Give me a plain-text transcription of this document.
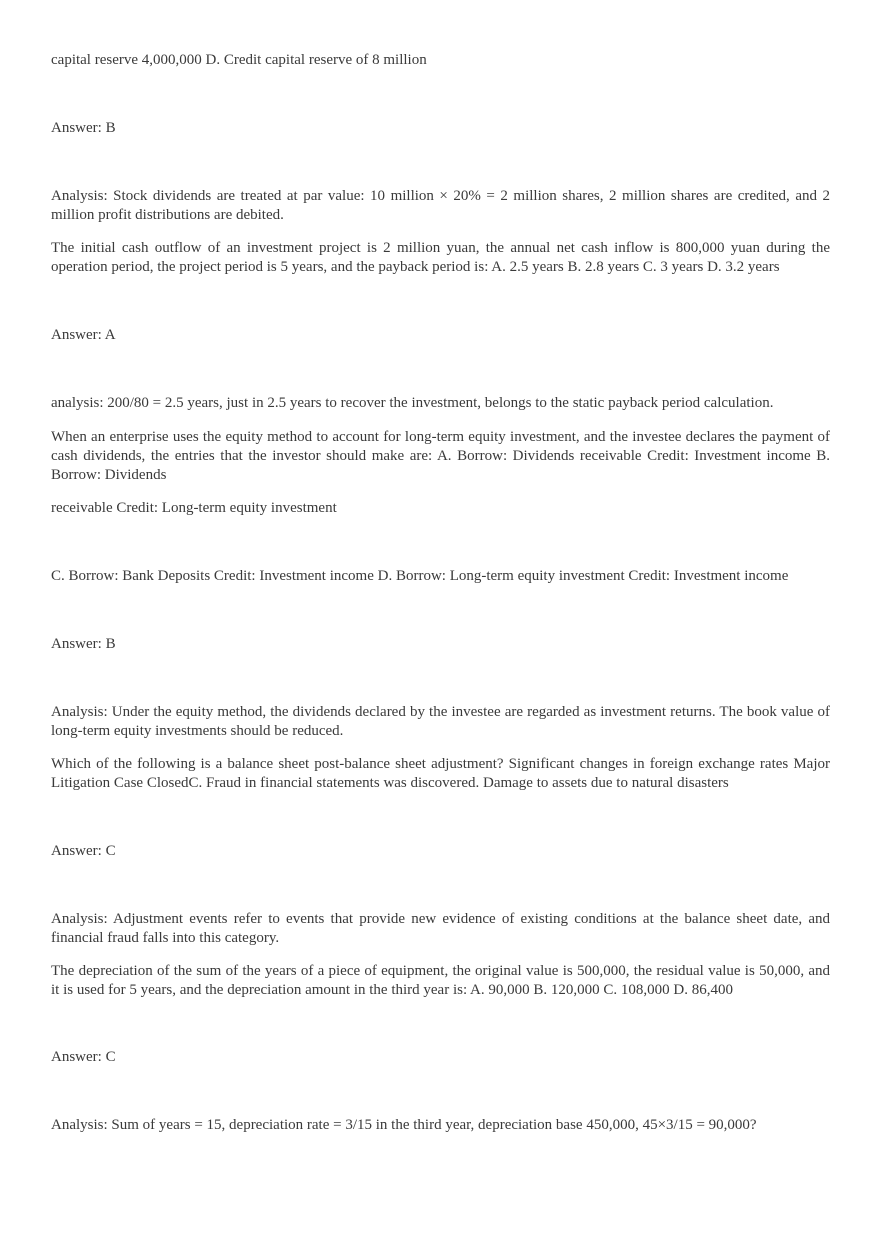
capital reserve 4,000,000 D. Credit capital reserve of 8 million

Answer: B

Analysis: Stock dividends are treated at par value: 10 million × 20% = 2 million shares, 2 million shares are credited, and 2 million profit distributions are debited.

The initial cash outflow of an investment project is 2 million yuan, the annual net cash inflow is 800,000 yuan during the operation period, the project period is 5 years, and the payback period is: A. 2.5 years B. 2.8 years C. 3 years D. 3.2 years

Answer: A

analysis: 200/80 = 2.5 years, just in 2.5 years to recover the investment, belongs to the static payback period calculation.

When an enterprise uses the equity method to account for long-term equity investment, and the investee declares the payment of cash dividends, the entries that the investor should make are: A. Borrow: Dividends receivable Credit: Investment income B. Borrow: Dividends

receivable Credit: Long-term equity investment

C. Borrow: Bank Deposits Credit: Investment income D. Borrow: Long-term equity investment Credit: Investment income

Answer: B

Analysis: Under the equity method, the dividends declared by the investee are regarded as investment returns. The book value of long-term equity investments should be reduced.

Which of the following is a balance sheet post-balance sheet adjustment? Significant changes in foreign exchange rates Major Litigation Case ClosedC. Fraud in financial statements was discovered. Damage to assets due to natural disasters

Answer: C

Analysis: Adjustment events refer to events that provide new evidence of existing conditions at the balance sheet date, and financial fraud falls into this category.

The depreciation of the sum of the years of a piece of equipment, the original value is 500,000, the residual value is 50,000, and it is used for 5 years, and the depreciation amount in the third year is: A. 90,000 B. 120,000 C. 108,000 D. 86,400

Answer: C

Analysis: Sum of years = 15, depreciation rate = 3/15 in the third year, depreciation base 450,000, 45×3/15 = 90,000?
